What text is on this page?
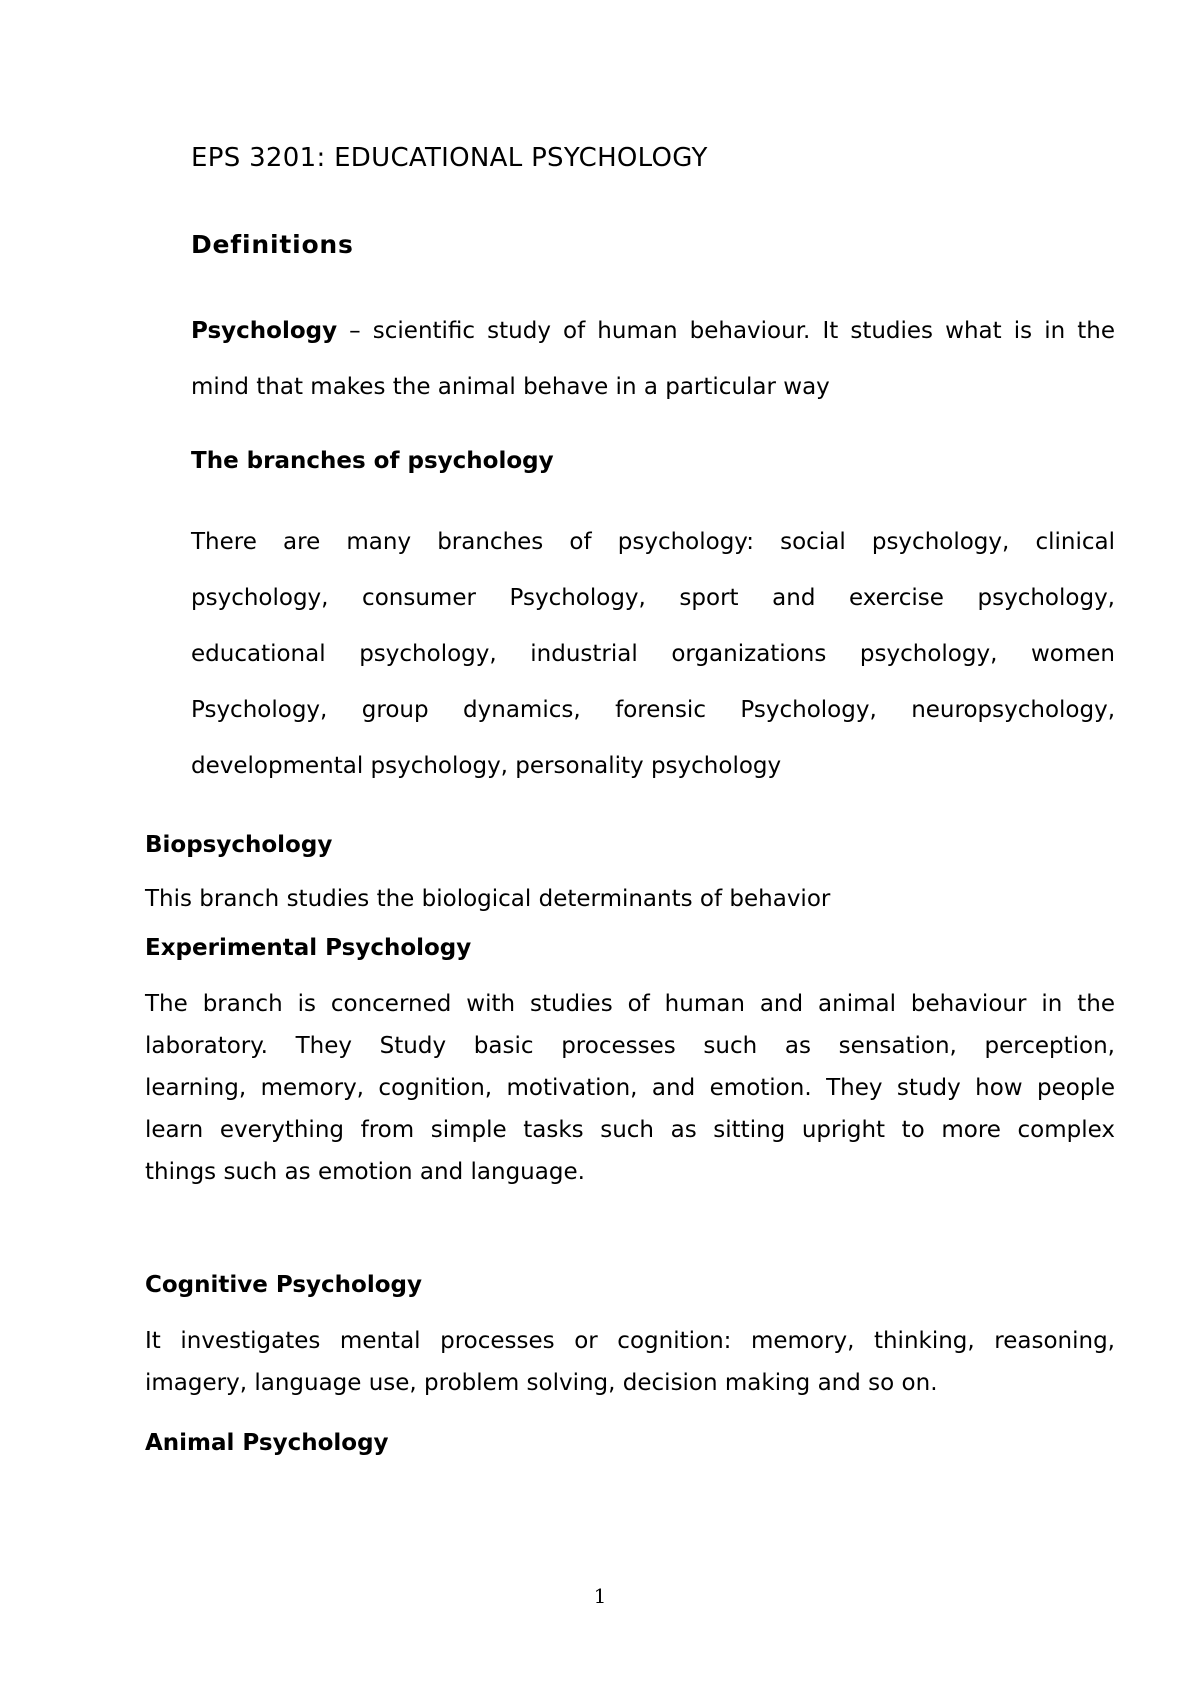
EPS 3201: EDUCATIONAL PSYCHOLOGY
Definitions
Psychology – scientific study of human behaviour. It studies what is in the
mind that makes the animal behave in a particular way
The branches of psychology
There are many branches of psychology: social psychology, clinical
psychology, consumer Psychology, sport and exercise psychology,
educational psychology, industrial organizations psychology, women
Psychology, group dynamics, forensic Psychology, neuropsychology,
developmental psychology, personality psychology
Biopsychology
This branch studies the biological determinants of behavior
Experimental Psychology
The branch is concerned with studies of human and animal behaviour in the
laboratory. They Study basic processes such as sensation, perception,
learning, memory, cognition, motivation, and emotion. They study how people
learn everything from simple tasks such as sitting upright to more complex
things such as emotion and language.
Cognitive Psychology
It investigates mental processes or cognition: memory, thinking, reasoning,
imagery, language use, problem solving, decision making and so on.
Animal Psychology
1
